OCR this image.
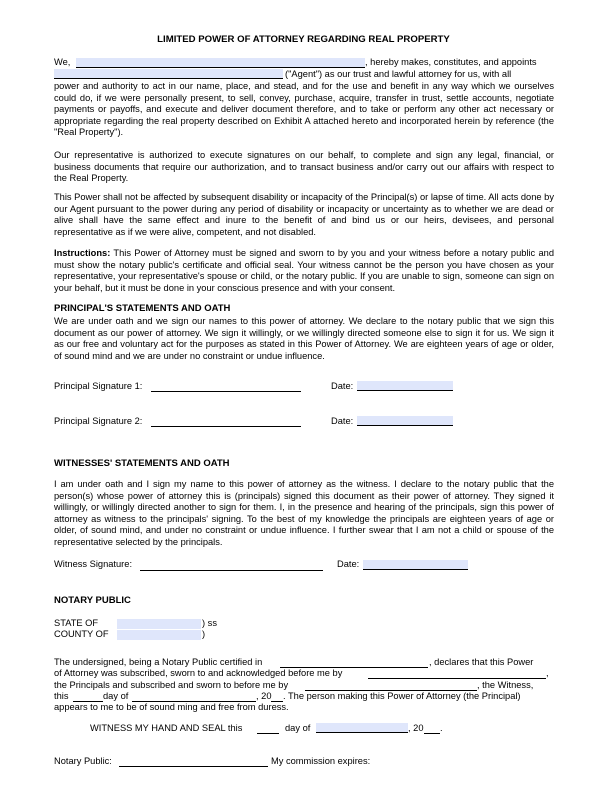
LIMITED POWER OF ATTORNEY REGARDING REAL PROPERTY

We,	, hereby makes, constitutes, and appoints
("Agent") as our trust and lawful attorney for us, with all

power and authority to act in our name, place, and stead, and for the use and benefit in any way which we ourselves could do, if we were personally present, to sell, convey, purchase, acquire, transfer in trust, settle accounts, negotiate payments or payoffs, and execute and deliver document therefore, and to take or perform any other act necessary or appropriate regarding the real property described on Exhibit A attached hereto and incorporated herein by reference (the "Real Property").

Our representative is authorized to execute signatures on our behalf, to complete and sign any legal, financial, or business documents that require our authorization, and to transact business and/or carry out our affairs with respect to the Real Property.

This Power shall not be affected by subsequent disability or incapacity of the Principal(s) or lapse of time. All acts done by our Agent pursuant to the power during any period of disability or incapacity or uncertainty as to whether we are dead or alive shall have the same effect and inure to the benefit of and bind us or our heirs, devisees, and personal representative as if we were alive, competent, and not disabled.

Instructions: This Power of Attorney must be signed and sworn to by you and your witness before a notary public and must show the notary public's certificate and official seal. Your witness cannot be the person you have chosen as your representative, your representative's spouse or child, or the notary public. If you are unable to sign, someone can sign on your behalf, but it must be done in your conscious presence and with your consent.

PRINCIPAL'S STATEMENTS AND OATH

We are under oath and we sign our names to this power of attorney. We declare to the notary public that we sign this document as our power of attorney. We sign it willingly, or we willingly directed someone else to sign it for us. We sign it as our free and voluntary act for the purposes as stated in this Power of Attorney. We are eighteen years of age or older, of sound mind and we are under no constraint or undue influence.

Principal Signature 1:	Date:
Principal Signature 2:	Date:

WITNESSES' STATEMENTS AND OATH

I am under oath and I sign my name to this power of attorney as the witness. I declare to the notary public that the person(s) whose power of attorney this is (principals) signed this document as their power of attorney. They signed it willingly, or willingly directed another to sign for them. I, in the presence and hearing of the principals, sign this power of attorney as witness to the principals' signing. To the best of my knowledge the principals are eighteen years of age or older, of sound mind, and under no constraint or undue influence. I further swear that I am not a child or spouse of the representative selected by the principals.

Witness Signature:	Date:

NOTARY PUBLIC

STATE OF	) ss
COUNTY OF	)
The undersigned, being a Notary Public certified in	, declares that this Power
of Attorney was subscribed, sworn to and acknowledged before me by	,
the Principals and subscribed and sworn to before me by	, the Witness,
this	day of	, 20 . The person making this Power of Attorney (the Principal)
appears to me to be of sound ming and free from duress.
WITNESS MY HAND AND SEAL this	day of	, 20 .
Notary Public:	My commission expires:
